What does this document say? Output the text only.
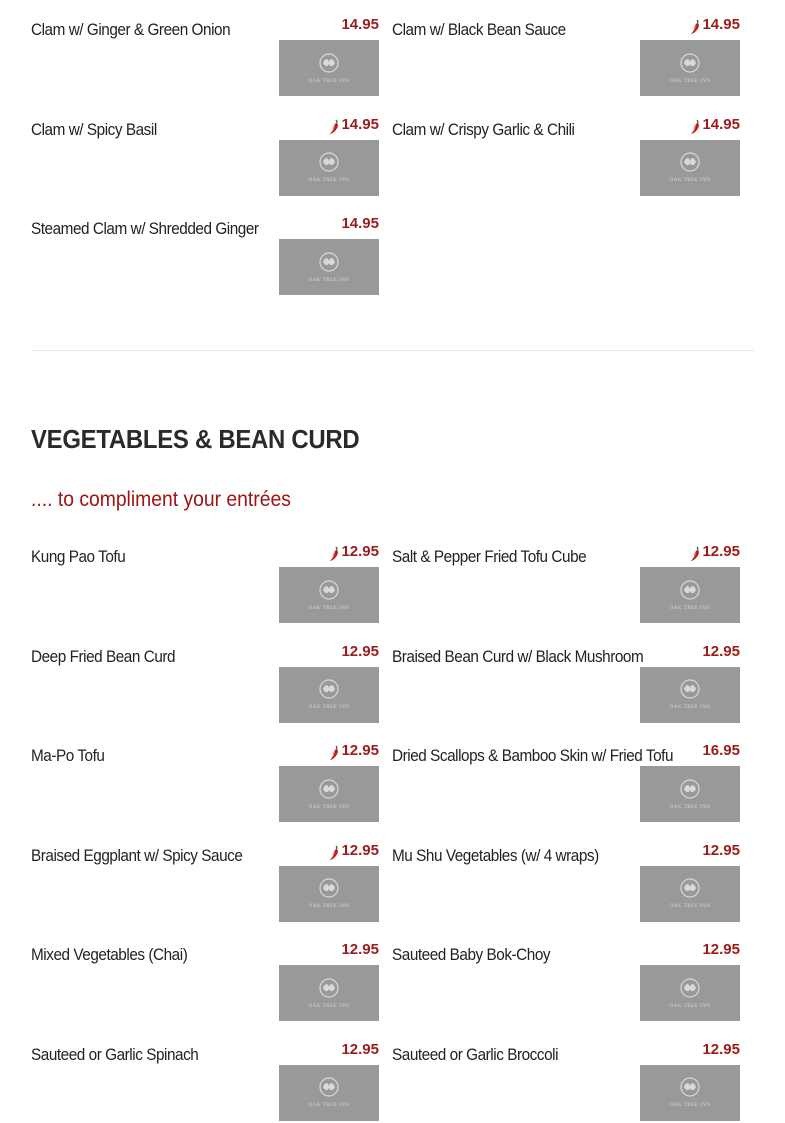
Clam w/ Ginger & Green Onion	14.95
OAK TREE INN
Clam w/ Black Bean Sauce	14.95
OAK TREE INN
Clam w/ Spicy Basil	14.95
OAK TREE INN
Clam w/ Crispy Garlic & Chili	14.95
OAK TREE INN
Steamed Clam w/ Shredded Ginger	14.95
OAK TREE INN
VEGETABLES & BEAN CURD
.... to compliment your entrées
Kung Pao Tofu	12.95
OAK TREE INN
Salt & Pepper Fried Tofu Cube	12.95
OAK TREE INN
Deep Fried Bean Curd	12.95
OAK TREE INN
Braised Bean Curd w/ Black Mushroom	12.95
OAK TREE INN
Ma-Po Tofu	12.95
OAK TREE INN
Dried Scallops & Bamboo Skin w/ Fried Tofu 16.95
OAK TREE INN
Braised Eggplant w/ Spicy Sauce	12.95
OAK TREE INN
Mu Shu Vegetables (w/ 4 wraps)	12.95
OAK TREE INN
Mixed Vegetables (Chai)	12.95
OAK TREE INN
Sauteed Baby Bok-Choy	12.95
OAK TREE INN
Sauteed or Garlic Spinach	12.95
OAK TREE INN
Sauteed or Garlic Broccoli	12.95
OAK TREE INN
